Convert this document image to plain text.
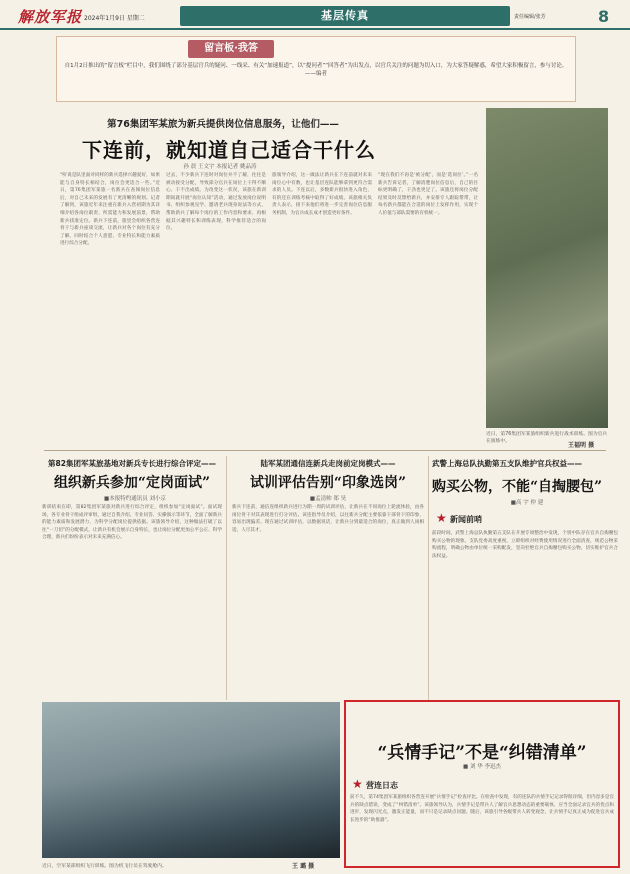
解放军报 2024年1月9日 星期二	基层传真	责任编辑/张芳	8
留言板·我答
自1月2日推出的“留言板”栏目中，我们围绕了部分基层官兵的疑问、一线采、有关“加速报道”，以“提问者”“回答者”为出发点，以官兵关注的问题为切入口，为大家答疑解惑，希望大家积极留言，参与讨论。——编者
第76集团军某旅为新兵提供岗位信息服务，让他们——
下连前，就知道自己适合干什么
孙 晨 王文宇 本报记者 姚品涛
“听说是队里面对同样的新兵选择兴趣爱好，如果能与自身特长相结合，岗位会更适合一些。”近日，第76集团军某旅一名新兵在查阅岗位信息后，对自己未来的发展有了更清晰的规划。记者了解到，该旅近年来注重在新兵入营初期为其详细介绍各岗位职责、所需能力和发展前景，帮助新兵找准定位。新兵下连前，旅里会组织各营连骨干与新兵座谈交流，让新兵对各个岗位有充分了解，同时结合个人意愿、专业特长和能力素质进行综合分配。
过去，不少新兵下连时对岗位并不了解，往往是被动接受分配，导致部分官兵在岗位上干得不顺心、干不出成绩。为改变这一状况，该旅在新训期间就开展“岗位认知”活动，通过发放岗位说明书、组织参观见学、邀请老兵现身说法等方式，帮助新兵了解每个岗位的工作内容和要求，再根据其兴趣特长和训练表现，科学推荐适合的岗位。
旅领导介绍，这一做法让新兵在下连前就对未来岗位心中有数，也让基层连队能够拿到更符合需求的人员。下连以后，多数新兵很快进入角色，有的还在训练考核中取得了好成绩。该旅相关负责人表示，接下来他们将进一步完善岗位信息服务机制，为官兵成长成才创造更好条件。
“现在我们不再是‘被分配’，而是‘选岗位’。”一名新兵告诉记者，了解清楚岗位信息后，自己的目标更明确了，干劲也更足了。该旅还将岗位分配结果及时反馈给新兵，并安排专人跟踪帮带，让每名新兵都能在合适的岗位上发挥作用，实现个人价值与部队需要的有机统一。
近日，第76集团军某旅组织新兵进行战术训练。图为官兵在演练中。
王福明 摄
第82集团军某旅基地对新兵专长进行综合评定——
组织新兵参加“定岗面试”
■本报特约通讯员 刘小京
新训结束在即，第82集团军某旅对新兵进行综合评定，组织参加“定岗面试”。面试现场，各专业骨干组成评审组，通过自我介绍、专业问答、实操演示等环节，全面了解新兵的能力素质和发展潜力，为科学分配岗位提供依据。该旅领导介绍，这种做法打破了以往“一刀切”的分配模式，让新兵有机会展示自身特长，也让岗位分配更加公平公正、科学合理，新兵们纷纷表示对未来充满信心。
陆军某团通信连新兵走岗前定岗模式——
试训评估告别“印象选岗”
■孟清帅 郑 昊
新兵下连前，通信连组织新兵进行为期一周的试训评估，让新兵在不同岗位上轮流体验，由各岗位骨干对其表现进行打分评估。该连指导员介绍，以往新兵分配主要依靠干部骨干的印象，容易出现偏差。现在通过试训评估，以数据说话，让新兵分到最适合的岗位，真正做到人岗相适、人尽其才。
武警上海总队执勤第五支队维护官兵权益——
购买公物，不能“自掏腰包”
■高 宇 仲 建
★ 新闻前哨
前段时间，武警上海总队执勤第五支队在开展专项整治中发现，个别中队存在官兵自掏腰包购买公物的现象。支队党委高度重视，立即组织对经费使用情况进行全面清查，规范公物采购流程，明确公物由单位统一采购配发，坚决杜绝官兵自掏腰包购买公物，切实维护官兵合法权益。
近日，空军某部组织飞行训练。图为机飞行员在驾驶舱内。	王 璐 摄
“兵情手记”不是“纠错清单”
■ 刘 华 李迅杰
★ 营连日志
前不久，第74集团军某旅组织各营连开展“兵情手记”检查评比。在检查中发现，有的连队的兵情手记记录得很详细，但内容多是官兵的缺点错误，变成了“纠错清单”。该旅领导认为，兵情手记是带兵人了解官兵思想动态的重要载体，应当全面记录官兵的优点和进步，发现闪光点，激发正能量，而不只是记录缺点问题。随后，该旅引导各级带兵人转变观念，让兵情手记真正成为促进官兵成长进步的“助推器”。
